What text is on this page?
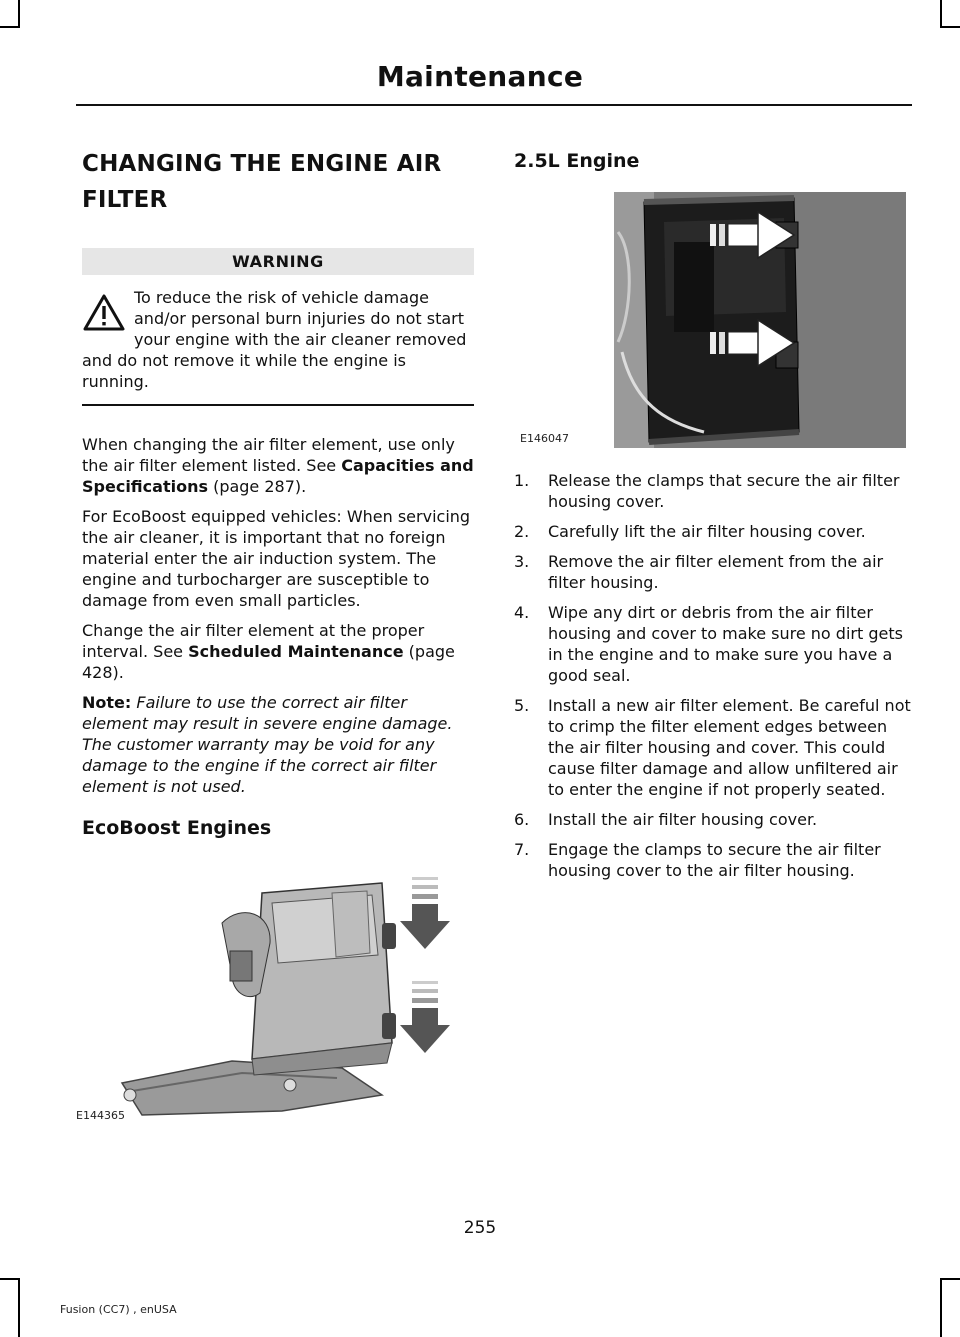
Maintenance
CHANGING THE ENGINE AIR
FILTER
WARNING
To reduce the risk of vehicle damage and/or personal burn injuries do not start your engine with the air cleaner removed and do not remove it while the engine is running.

When changing the air filter element, use only the air filter element listed. See Capacities and Specifications (page 287).

For EcoBoost equipped vehicles: When servicing the air cleaner, it is important that no foreign material enter the air induction system. The engine and turbocharger are susceptible to damage from even small particles.

Change the air filter element at the proper interval. See Scheduled Maintenance (page 428).

Note: Failure to use the correct air filter element may result in severe engine damage. The customer warranty may be void for any damage to the engine if the correct air filter element is not used.

EcoBoost Engines
E144365
2.5L Engine
E146047
1. Release the clamps that secure the air filter housing cover.
2. Carefully lift the air filter housing cover.
3. Remove the air filter element from the air filter housing.
4. Wipe any dirt or debris from the air filter housing and cover to make sure no dirt gets in the engine and to make sure you have a good seal.
5. Install a new air filter element. Be careful not to crimp the filter element edges between the air filter housing and cover. This could cause filter damage and allow unfiltered air to enter the engine if not properly seated.
6. Install the air filter housing cover.
7. Engage the clamps to secure the air filter housing cover to the air filter housing.
255
Fusion (CC7) , enUSA
